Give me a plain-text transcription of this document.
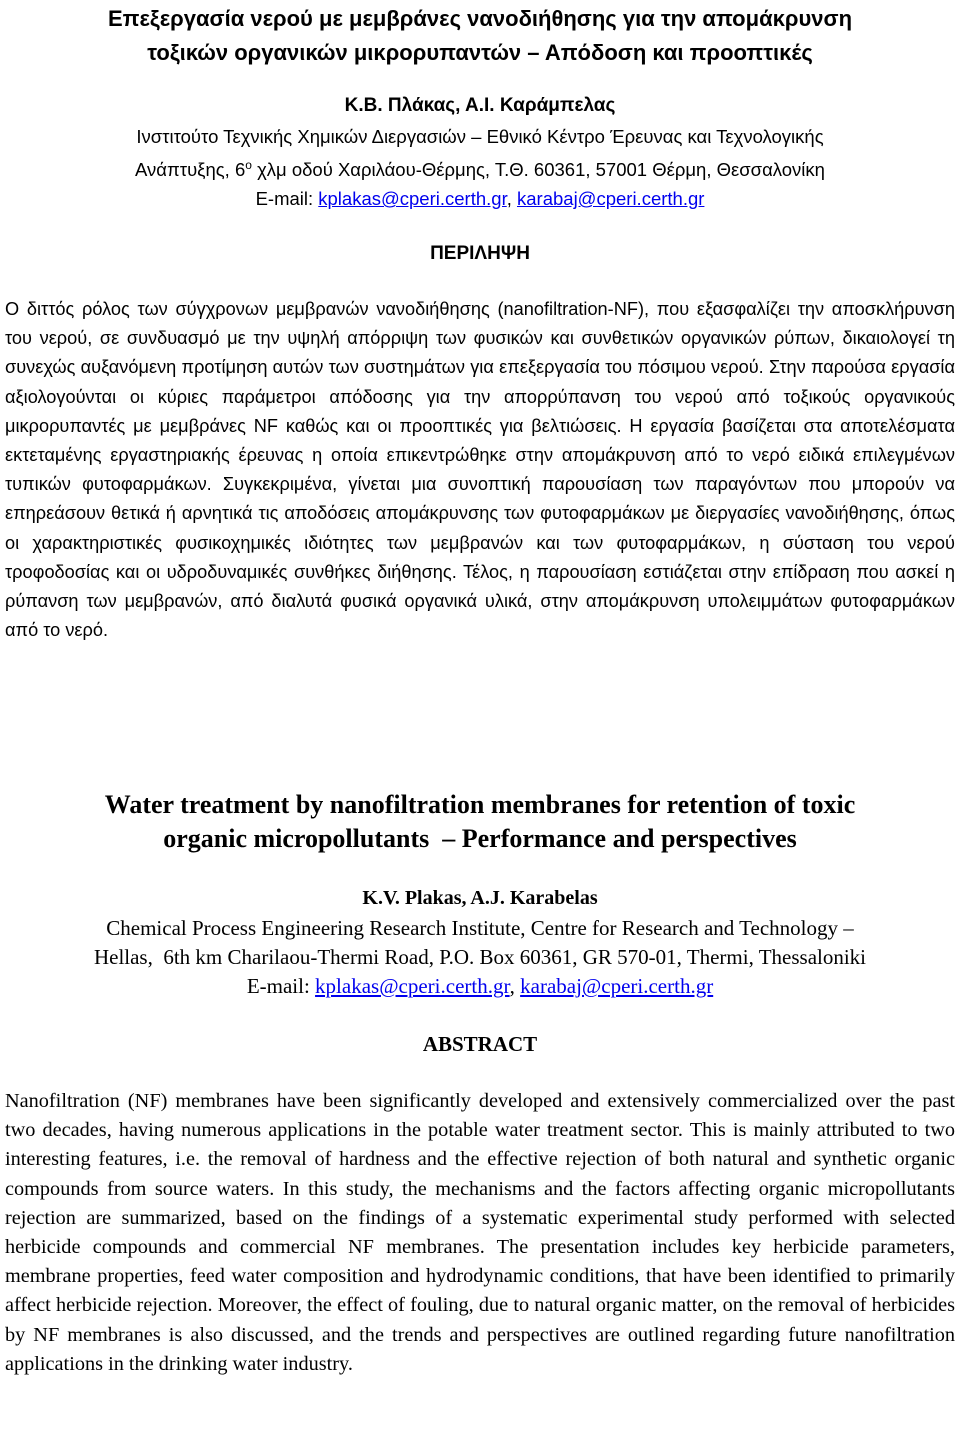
Επεξεργασία νερού με μεμβράνες νανοδιήθησης για την απομάκρυνση
τοξικών οργανικών μικρορυπαντών – Απόδοση και προοπτικές
Κ.Β. Πλάκας, Α.Ι. Καράμπελας
Ινστιτούτο Τεχνικής Χημικών Διεργασιών – Εθνικό Κέντρο Έρευνας και Τεχνολογικής
Ανάπτυξης, $6^o$ χλμ οδού Χαριλάου-Θέρμης, Τ.Θ. 60361, 57001 Θέρμη, Θεσσαλονίκη
E-mail: kplakas@cperi.certh.gr, karabaj@cperi.certh.gr
ΠΕΡΙΛΗΨΗ

Ο διττός ρόλος των σύγχρονων μεμβρανών νανοδιήθησης (nanofiltration-NF), που εξασφαλίζει την αποσκλήρυνση του νερού, σε συνδυασμό με την υψηλή απόρριψη των φυσικών και συνθετικών οργανικών ρύπων, δικαιολογεί τη συνεχώς αυξανόμενη προτίμηση αυτών των συστημάτων για επεξεργασία του πόσιμου νερού. Στην παρούσα εργασία αξιολογούνται οι κύριες παράμετροι απόδοσης για την απορρύπανση του νερού από τοξικούς οργανικούς μικρορυπαντές με μεμβράνες NF καθώς και οι προοπτικές για βελτιώσεις. Η εργασία βασίζεται στα αποτελέσματα εκτεταμένης εργαστηριακής έρευνας η οποία επικεντρώθηκε στην απομάκρυνση από το νερό ειδικά επιλεγμένων τυπικών φυτοφαρμάκων. Συγκεκριμένα, γίνεται μια συνοπτική παρουσίαση των παραγόντων που μπορούν να επηρεάσουν θετικά ή αρνητικά τις αποδόσεις απομάκρυνσης των φυτοφαρμάκων με διεργασίες νανοδιήθησης, όπως οι χαρακτηριστικές φυσικοχημικές ιδιότητες των μεμβρανών και των φυτοφαρμάκων, η σύσταση του νερού τροφοδοσίας και οι υδροδυναμικές συνθήκες διήθησης. Τέλος, η παρουσίαση εστιάζεται στην επίδραση που ασκεί η ρύπανση των μεμβρανών, από διαλυτά φυσικά οργανικά υλικά, στην απομάκρυνση υπολειμμάτων φυτοφαρμάκων από το νερό.

Water treatment by nanofiltration membranes for retention of toxic
organic micropollutants  – Performance and perspectives
K.V. Plakas, A.J. Karabelas
Chemical Process Engineering Research Institute, Centre for Research and Technology –
Hellas,  6th km Charilaou-Thermi Road, P.O. Box 60361, GR 570-01, Thermi, Thessaloniki
E-mail: kplakas@cperi.certh.gr, karabaj@cperi.certh.gr
ABSTRACT

Nanofiltration (NF) membranes have been significantly developed and extensively commercialized over the past two decades, having numerous applications in the potable water treatment sector. This is mainly attributed to two interesting features, i.e. the removal of hardness and the effective rejection of both natural and synthetic organic compounds from source waters. In this study, the mechanisms and the factors affecting organic micropollutants rejection are summarized, based on the findings of a systematic experimental study performed with selected herbicide compounds and commercial NF membranes. The presentation includes key herbicide parameters, membrane properties, feed water composition and hydrodynamic conditions, that have been identified to primarily affect herbicide rejection. Moreover, the effect of fouling, due to natural organic matter, on the removal of herbicides by NF membranes is also discussed, and the trends and perspectives are outlined regarding future nanofiltration applications in the drinking water industry.
